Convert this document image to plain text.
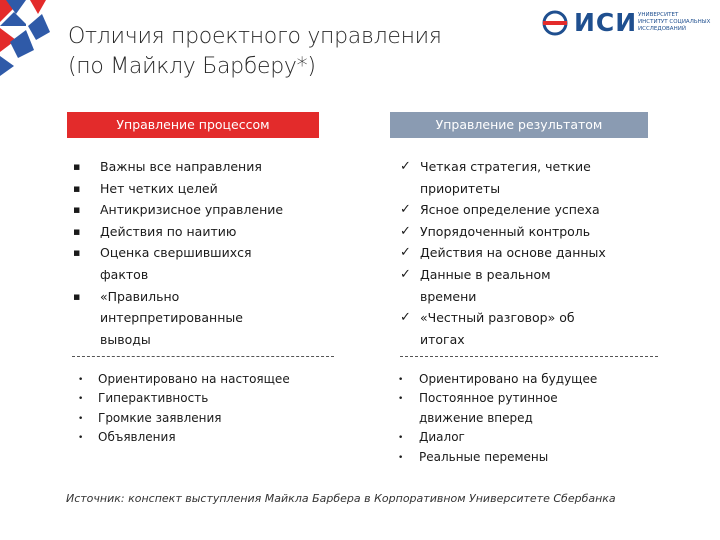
Отличия проектного управления
(по Майклу Барберу*)
ИСИ УНИВЕРСИТЕТ
ИНСТИТУТ СОЦИАЛЬНЫХ
ИССЛЕДОВАНИЙ
Управление процессом	Управление результатом
▪ Важны все направления
▪ Нет четких целей
▪ Антикризисное управление
▪ Действия по наитию
▪ Оценка свершившихся
фактов
▪ «Правильно
интерпретированные
выводы
✓ Четкая стратегия, четкие
приоритеты
✓ Ясное определение успеха
✓ Упорядоченный контроль
✓ Действия на основе данных
✓ Данные в реальном
времени
✓ «Честный разговор» об
итогах
• Ориентировано на настоящее
• Гиперактивность
• Громкие заявления
• Объявления
• Ориентировано на будущее
• Постоянное рутинное
движение вперед
• Диалог
• Реальные перемены
Источник: конспект выступления Майкла Барбера в Корпоративном Университете Сбербанка
